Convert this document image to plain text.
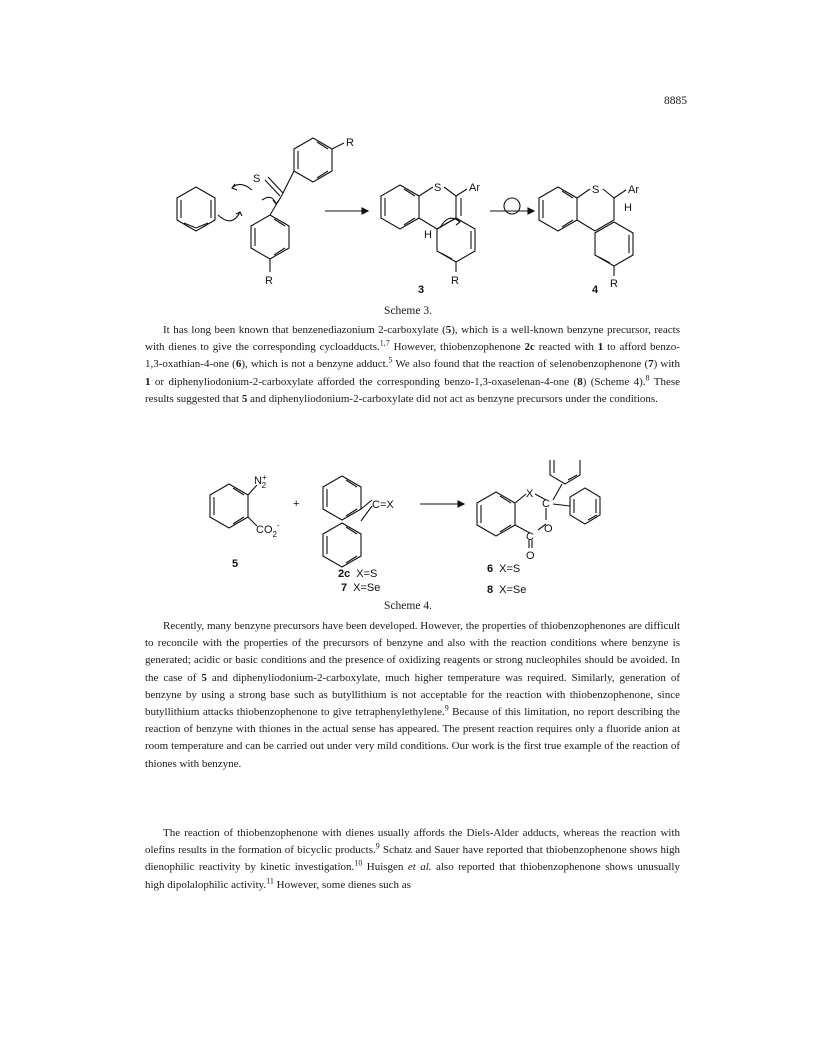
8885
S
R
R
S	Ar
H
R
3
S	Ar
H
R
4
Scheme 3.

It has long been known that benzenediazonium 2-carboxylate (5), which is a well-known benzyne precursor, reacts with dienes to give the corresponding cycloadducts.$^{1,7}$ However, thiobenzophenone 2c reacted with 1 to afford benzo-1,3-oxathian-4-one (6), which is not a benzyne adduct.$^5$ We also found that the reaction of selenobenzophenone (7) with 1 or diphenyliodonium-2-carboxylate afforded the corresponding benzo-1,3-oxaselenan-4-one (8) (Scheme 4).$^8$ These results suggested that 5 and diphenyliodonium-2-carboxylate did not act as benzyne precursors under the conditions.

N+ 2
$CO_2^-$
+	C=X
X
C
O
C
O
5
2c X=S
7 X=Se
6 X=S
8 X=Se
Scheme 4.

Recently, many benzyne precursors have been developed. However, the properties of thiobenzophenones are difficult to reconcile with the properties of the precursors of benzyne and also with the reaction conditions where benzyne is generated; acidic or basic conditions and the presence of oxidizing reagents or strong nucleophiles should be avoided. In the case of 5 and diphenyliodonium-2-carboxylate, much higher temperature was required. Similarly, generation of benzyne by using a strong base such as butyllithium is not acceptable for the reaction with thiobenzophenone, since butyllithium attacks thiobenzophenone to give tetraphenylethylene.$^9$ Because of this limitation, no report describing the reaction of benzyne with thiones in the actual sense has appeared. The present reaction requires only a fluoride anion at room temperature and can be carried out under very mild conditions. Our work is the first true example of the reaction of thiones with benzyne.

The reaction of thiobenzophenone with dienes usually affords the Diels-Alder adducts, whereas the reaction with olefins results in the formation of bicyclic products.$^9$ Schatz and Sauer have reported that thiobenzophenone shows high dienophilic reactivity by kinetic investigation.$^{10}$ Huisgen et al. also reported that thiobenzophenone shows unusually high dipolalophilic activity.$^{11}$ However, some dienes such as
